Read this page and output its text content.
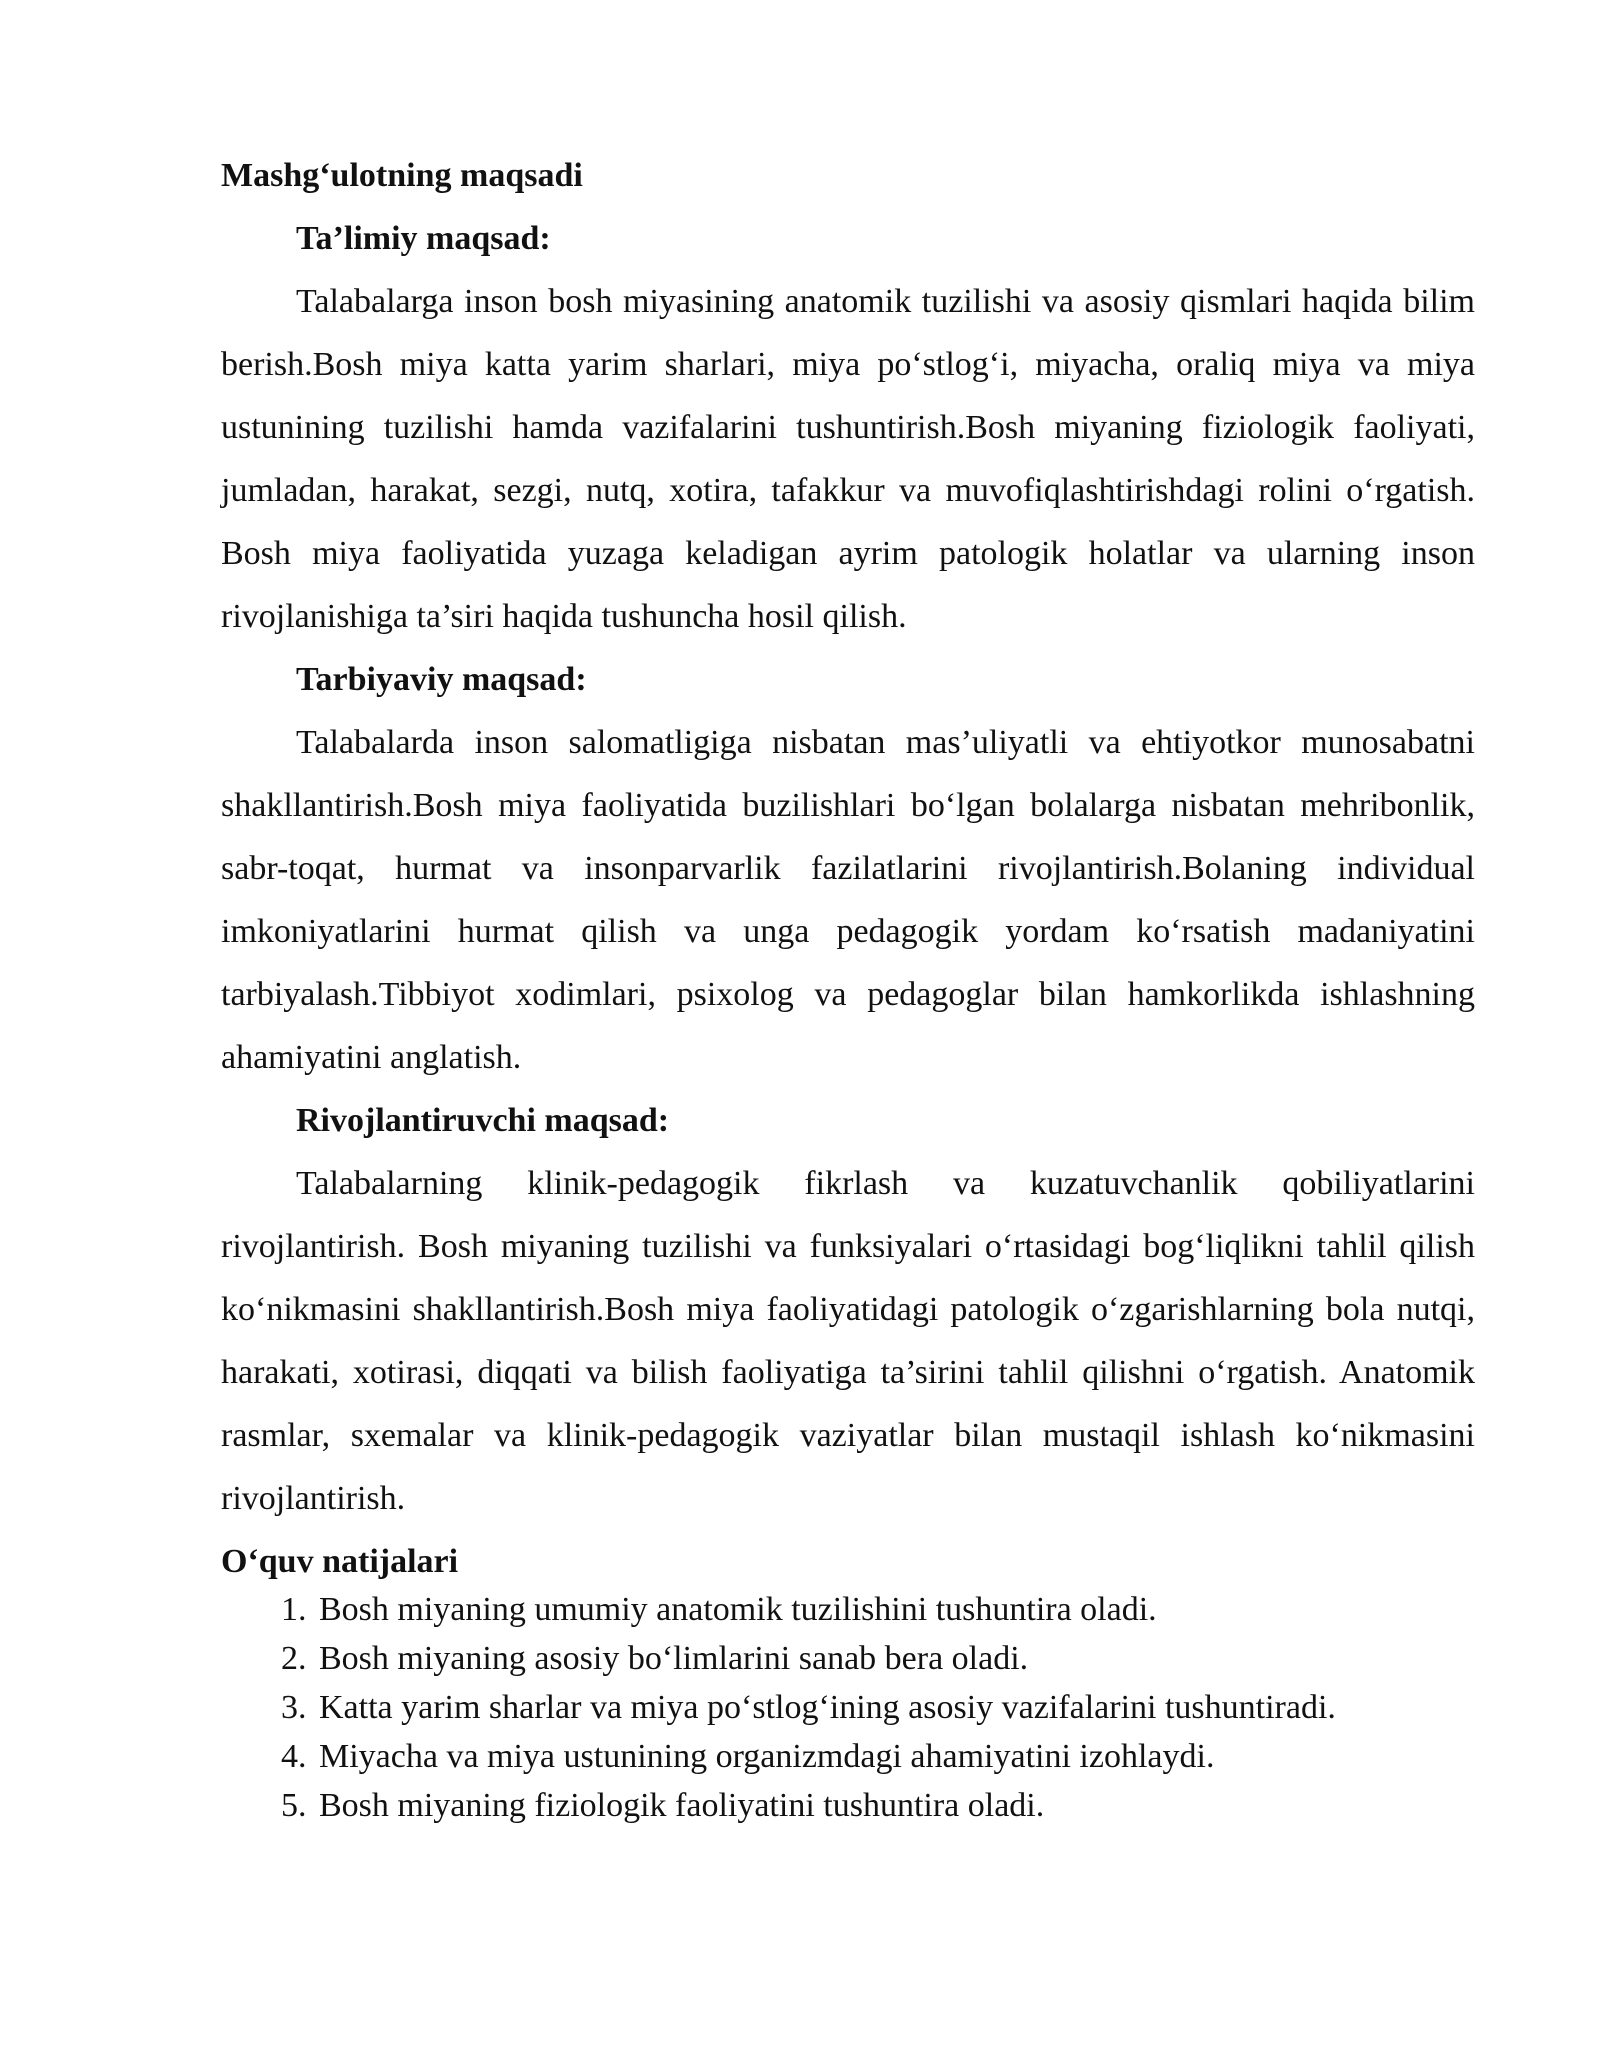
Mashg‘ulotning maqsadi

Ta’limiy maqsad:

Talabalarga inson bosh miyasining anatomik tuzilishi va asosiy qismlari haqida bilim berish.Bosh miya katta yarim sharlari, miya po‘stlog‘i, miyacha, oraliq miya va miya ustunining tuzilishi hamda vazifalarini tushuntirish.Bosh miyaning fiziologik faoliyati, jumladan, harakat, sezgi, nutq, xotira, tafakkur va muvofiqlashtirishdagi rolini o‘rgatish. Bosh miya faoliyatida yuzaga keladigan ayrim patologik holatlar va ularning inson rivojlanishiga ta’siri haqida tushuncha hosil qilish.

Tarbiyaviy maqsad:

Talabalarda inson salomatligiga nisbatan mas’uliyatli va ehtiyotkor munosabatni shakllantirish.Bosh miya faoliyatida buzilishlari bo‘lgan bolalarga nisbatan mehribonlik, sabr-toqat, hurmat va insonparvarlik fazilatlarini rivojlantirish.Bolaning individual imkoniyatlarini hurmat qilish va unga pedagogik yordam ko‘rsatish madaniyatini tarbiyalash.Tibbiyot xodimlari, psixolog va pedagoglar bilan hamkorlikda ishlashning ahamiyatini anglatish.

Rivojlantiruvchi maqsad:

Talabalarning klinik-pedagogik fikrlash va kuzatuvchanlik qobiliyatlarini rivojlantirish. Bosh miyaning tuzilishi va funksiyalari o‘rtasidagi bog‘liqlikni tahlil qilish ko‘nikmasini shakllantirish.Bosh miya faoliyatidagi patologik o‘zgarishlarning bola nutqi, harakati, xotirasi, diqqati va bilish faoliyatiga ta’sirini tahlil qilishni o‘rgatish. Anatomik rasmlar, sxemalar va klinik-pedagogik vaziyatlar bilan mustaqil ishlash ko‘nikmasini rivojlantirish.

O‘quv natijalari

1. Bosh miyaning umumiy anatomik tuzilishini tushuntira oladi.
2. Bosh miyaning asosiy bo‘limlarini sanab bera oladi.
3. Katta yarim sharlar va miya po‘stlog‘ining asosiy vazifalarini tushuntiradi.
4. Miyacha va miya ustunining organizmdagi ahamiyatini izohlaydi.
5. Bosh miyaning fiziologik faoliyatini tushuntira oladi.
